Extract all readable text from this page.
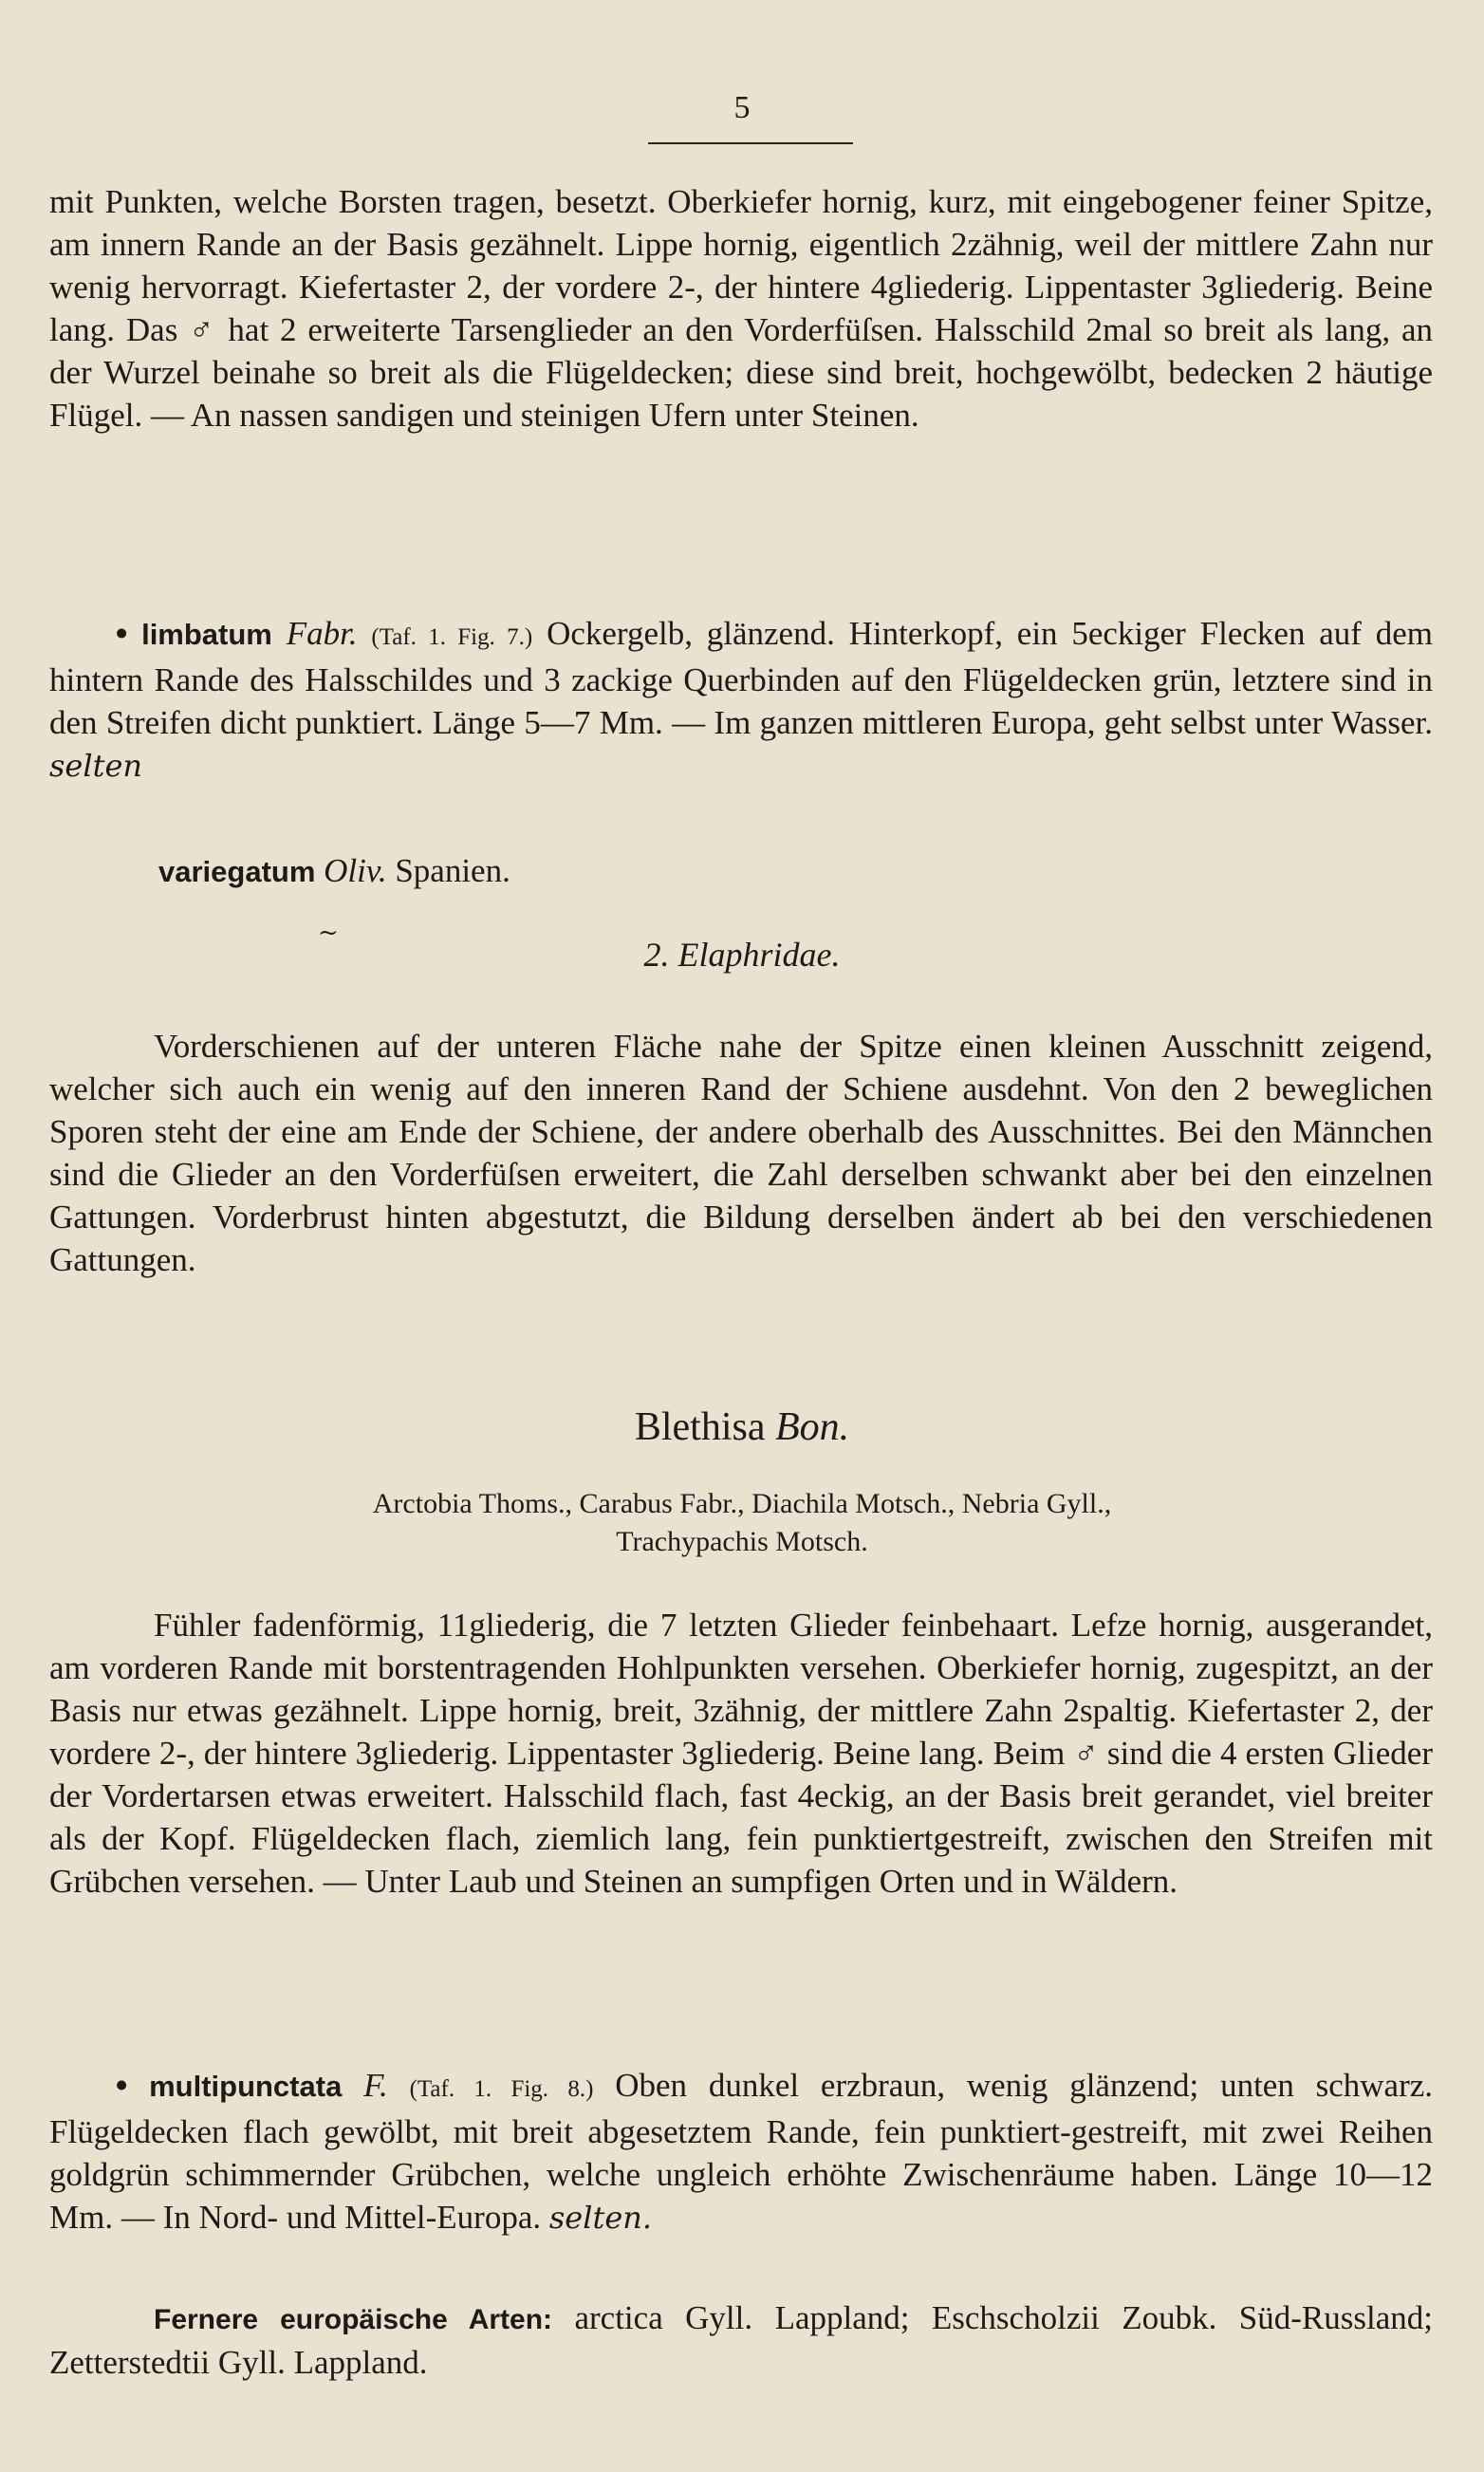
5

mit Punkten, welche Borsten tragen, besetzt. Oberkiefer hornig, kurz, mit eingebogener feiner Spitze, am innern Rande an der Basis gezähnelt. Lippe hornig, eigentlich 2zähnig, weil der mittlere Zahn nur wenig hervorragt. Kiefertaster 2, der vordere 2-, der hintere 4gliederig. Lippentaster 3gliederig. Beine lang. Das ♂ hat 2 erweiterte Tarsenglieder an den Vorderfüſsen. Halsschild 2mal so breit als lang, an der Wurzel beinahe so breit als die Flügeldecken; diese sind breit, hochgewölbt, bedecken 2 häutige Flügel. — An nassen sandigen und steinigen Ufern unter Steinen.

• limbatum Fabr. (Taf. 1. Fig. 7.) Ockergelb, glänzend. Hinterkopf, ein 5eckiger Flecken auf dem hintern Rande des Halsschildes und 3 zackige Querbinden auf den Flügeldecken grün, letztere sind in den Streifen dicht punktiert. Länge 5—7 Mm. — Im ganzen mittleren Europa, geht selbst unter Wasser. selten

variegatum Oliv. Spanien.

~
2. Elaphridae.

Vorderschienen auf der unteren Fläche nahe der Spitze einen kleinen Ausschnitt zeigend, welcher sich auch ein wenig auf den inneren Rand der Schiene ausdehnt. Von den 2 beweglichen Sporen steht der eine am Ende der Schiene, der andere oberhalb des Ausschnittes. Bei den Männchen sind die Glieder an den Vorderfüſsen erweitert, die Zahl derselben schwankt aber bei den einzelnen Gattungen. Vorderbrust hinten abgestutzt, die Bildung derselben ändert ab bei den verschiedenen Gattungen.

Blethisa Bon.
Arctobia Thoms., Carabus Fabr., Diachila Motsch., Nebria Gyll.,
Trachypachis Motsch.

Fühler fadenförmig, 11gliederig, die 7 letzten Glieder feinbehaart. Lefze hornig, ausgerandet, am vorderen Rande mit borstentragenden Hohlpunkten versehen. Oberkiefer hornig, zugespitzt, an der Basis nur etwas gezähnelt. Lippe hornig, breit, 3zähnig, der mittlere Zahn 2spaltig. Kiefertaster 2, der vordere 2-, der hintere 3gliederig. Lippentaster 3gliederig. Beine lang. Beim ♂ sind die 4 ersten Glieder der Vordertarsen etwas erweitert. Halsschild flach, fast 4eckig, an der Basis breit gerandet, viel breiter als der Kopf. Flügeldecken flach, ziemlich lang, fein punktiertgestreift, zwischen den Streifen mit Grübchen versehen. — Unter Laub und Steinen an sumpfigen Orten und in Wäldern.

• multipunctata F. (Taf. 1. Fig. 8.) Oben dunkel erzbraun, wenig glänzend; unten schwarz. Flügeldecken flach gewölbt, mit breit abgesetztem Rande, fein punktiert-gestreift, mit zwei Reihen goldgrün schimmernder Grübchen, welche ungleich erhöhte Zwischenräume haben. Länge 10—12 Mm. — In Nord- und Mittel-Europa. selten.

Fernere europäische Arten: arctica Gyll. Lappland; Eschscholzii Zoubk. Süd-Russland; Zetterstedtii Gyll. Lappland.
